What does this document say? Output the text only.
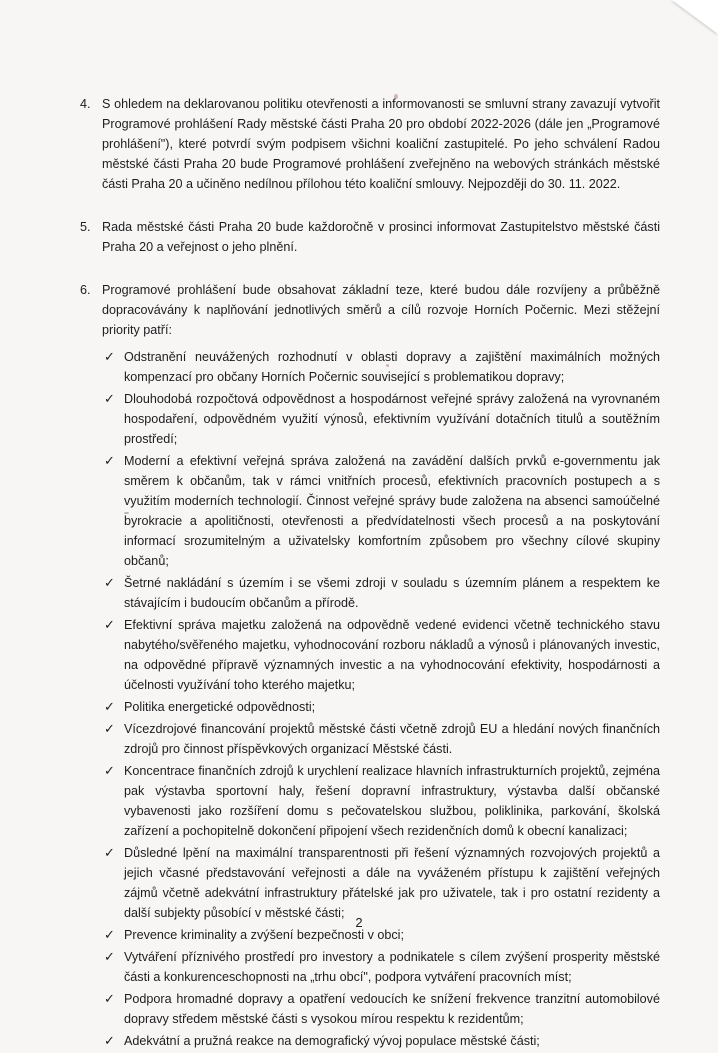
4. S ohledem na deklarovanou politiku otevřenosti a informovanosti se smluvní strany zavazují vytvořit Programové prohlášení Rady městské části Praha 20 pro období 2022-2026 (dále jen „Programové prohlášení"), které potvrdí svým podpisem všichni koaliční zastupitelé. Po jeho schválení Radou městské části Praha 20 bude Programové prohlášení zveřejněno na webových stránkách městské části Praha 20 a učiněno nedílnou přílohou této koaliční smlouvy. Nejpozději do 30. 11. 2022.

5. Rada městské části Praha 20 bude každoročně v prosinci informovat Zastupitelstvo městské části Praha 20 a veřejnost o jeho plnění.

6. Programové prohlášení bude obsahovat základní teze, které budou dále rozvíjeny a průběžně dopracovávány k naplňování jednotlivých směrů a cílů rozvoje Horních Počernic. Mezi stěžejní priority patří:

✓ Odstranění neuvážených rozhodnutí v oblasti dopravy a zajištění maximálních možných kompenzací pro občany Horních Počernic související s problematikou dopravy;
✓ Dlouhodobá rozpočtová odpovědnost a hospodárnost veřejné správy založená na vyrovnaném hospodaření, odpovědném využití výnosů, efektivním využívání dotačních titulů a soutěžním prostředí;
✓ Moderní a efektivní veřejná správa založená na zavádění dalších prvků e-governmentu jak směrem k občanům, tak v rámci vnitřních procesů, efektivních pracovních postupech a s využitím moderních technologií. Činnost veřejné správy bude založena na absenci samoúčelné byrokracie a apolitičnosti, otevřenosti a předvídatelnosti všech procesů a na poskytování informací srozumitelným a uživatelsky komfortním způsobem pro všechny cílové skupiny občanů;
✓ Šetrné nakládání s územím i se všemi zdroji v souladu s územním plánem a respektem ke stávajícím i budoucím občanům a přírodě.
✓ Efektivní správa majetku založená na odpovědně vedené evidenci včetně technického stavu nabytého/svěřeného majetku, vyhodnocování rozboru nákladů a výnosů i plánovaných investic, na odpovědné přípravě významných investic a na vyhodnocování efektivity, hospodárnosti a účelnosti využívání toho kterého majetku;
✓ Politika energetické odpovědnosti;
✓ Vícezdrojové financování projektů městské části včetně zdrojů EU a hledání nových finančních zdrojů pro činnost příspěvkových organizací Městské části.
✓ Koncentrace finančních zdrojů k urychlení realizace hlavních infrastrukturních projektů, zejména pak výstavba sportovní haly, řešení dopravní infrastruktury, výstavba další občanské vybavenosti jako rozšíření domu s pečovatelskou službou, poliklinika, parkování, školská zařízení a pochopitelně dokončení připojení všech rezidenčních domů k obecní kanalizaci;
✓ Důsledné lpění na maximální transparentnosti při řešení významných rozvojových projektů a jejich včasné představování veřejnosti a dále na vyváženém přístupu k zajištění veřejných zájmů včetně adekvátní infrastruktury přátelské jak pro uživatele, tak i pro ostatní rezidenty a další subjekty působící v městské části;
✓ Prevence kriminality a zvýšení bezpečnosti v obci;
✓ Vytváření příznivého prostředí pro investory a podnikatele s cílem zvýšení prosperity městské části a konkurenceschopnosti na „trhu obcí", podpora vytváření pracovních míst;
✓ Podpora hromadné dopravy a opatření vedoucích ke snížení frekvence tranzitní automobilové dopravy středem městské části s vysokou mírou respektu k rezidentům;
✓ Adekvátní a pružná reakce na demografický vývoj populace městské části;
2
